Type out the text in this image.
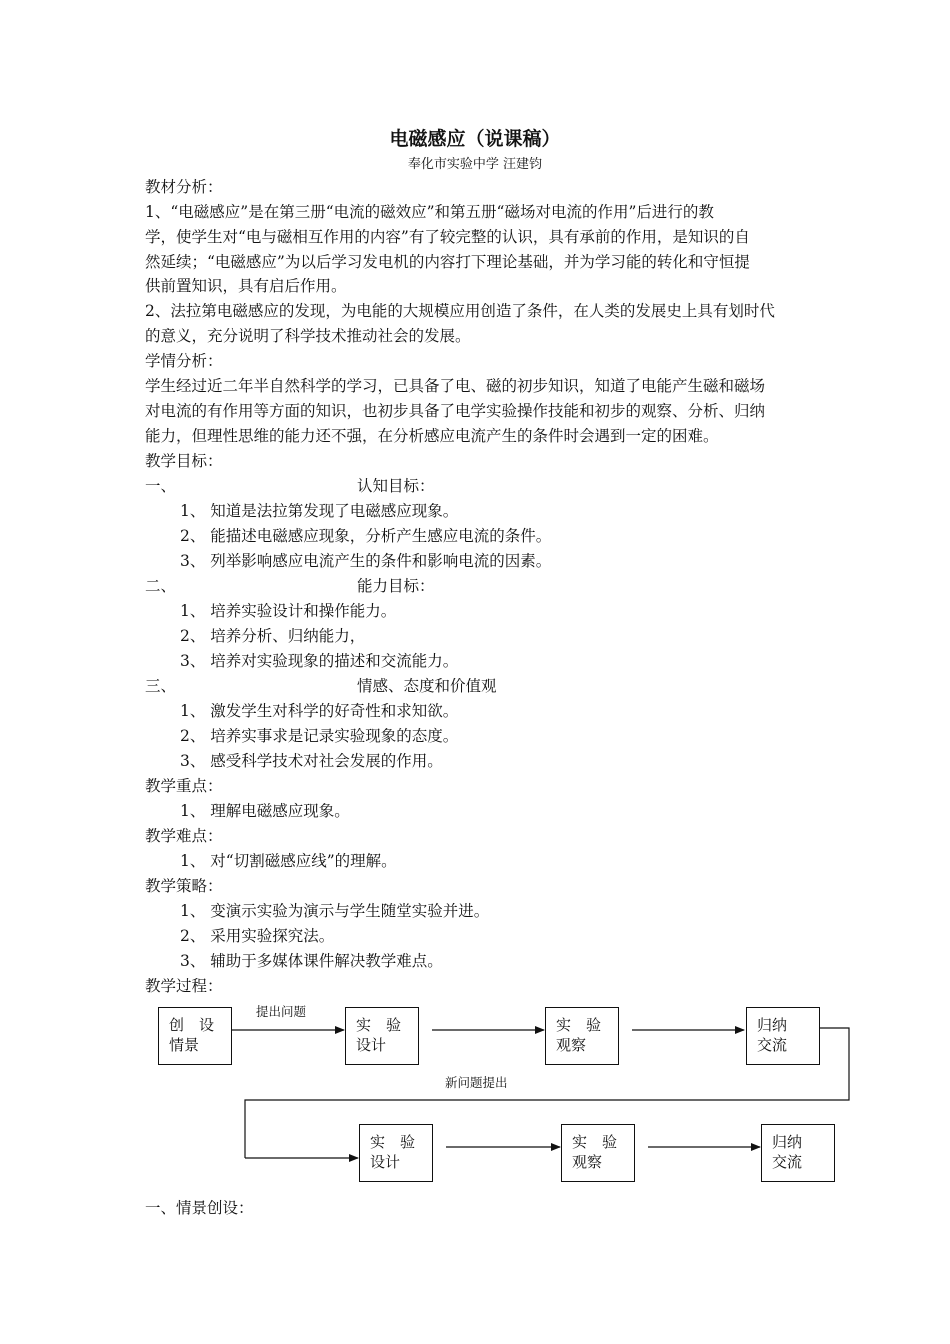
电磁感应（说课稿）
奉化市实验中学 汪建钧
教材分析：
1、“电磁感应”是在第三册“电流的磁效应”和第五册“磁场对电流的作用”后进行的教
学，使学生对“电与磁相互作用的内容”有了较完整的认识，具有承前的作用，是知识的自
然延续；“电磁感应”为以后学习发电机的内容打下理论基础，并为学习能的转化和守恒提
供前置知识，具有启后作用。
2、法拉第电磁感应的发现，为电能的大规模应用创造了条件，在人类的发展史上具有划时代
的意义，充分说明了科学技术推动社会的发展。
学情分析：
学生经过近二年半自然科学的学习，已具备了电、磁的初步知识，知道了电能产生磁和磁场
对电流的有作用等方面的知识，也初步具备了电学实验操作技能和初步的观察、分析、归纳
能力，但理性思维的能力还不强，在分析感应电流产生的条件时会遇到一定的困难。
教学目标：
一、	认知目标：
1、 知道是法拉第发现了电磁感应现象。
2、 能描述电磁感应现象，分析产生感应电流的条件。
3、 列举影响感应电流产生的条件和影响电流的因素。
二、	能力目标：
1、 培养实验设计和操作能力。
2、 培养分析、归纳能力，
3、 培养对实验现象的描述和交流能力。
三、	情感、态度和价值观
1、 激发学生对科学的好奇性和求知欲。
2、 培养实事求是记录实验现象的态度。
3、 感受科学技术对社会发展的作用。
教学重点：
1、 理解电磁感应现象。
教学难点：
1、 对“切割磁感应线”的理解。
教学策略：
1、 变演示实验为演示与学生随堂实验并进。
2、 采用实验探究法。
3、 辅助于多媒体课件解决教学难点。
教学过程：
提出问题
新问题提出
创　设
情景
实　验
设计
实　验
观察
归纳
交流
实　验
设计
实　验
观察
归纳
交流
一、情景创设：
